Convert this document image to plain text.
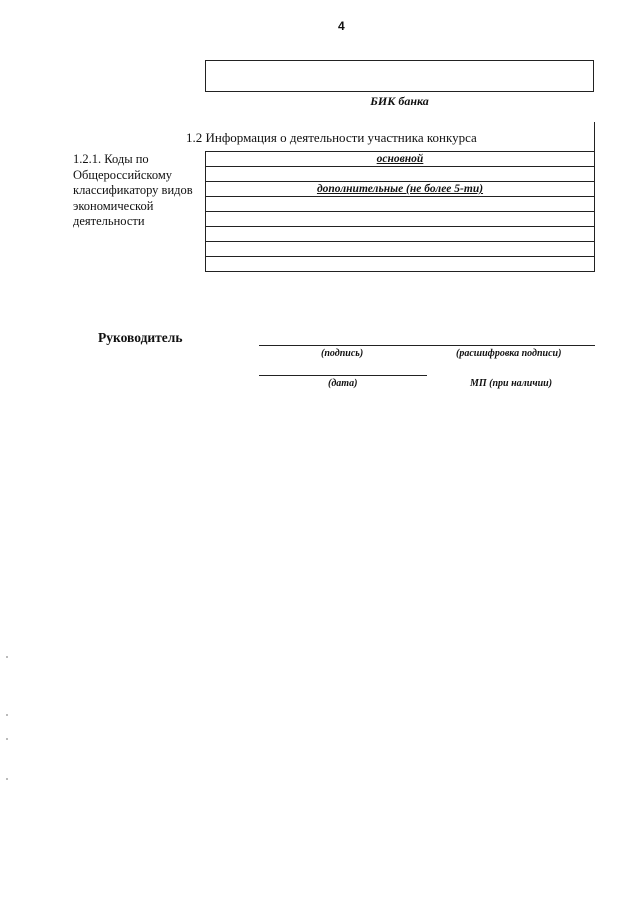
4
БИК банка
1.2 Информация о деятельности участника конкурса
1.2.1. Коды по Общероссийскому классификатору видов экономической деятельности
основной

дополнительные (не более 5-ти)

Руководитель
(подпись)	(расшифровка подписи)
(дата)	МП (при наличии)
